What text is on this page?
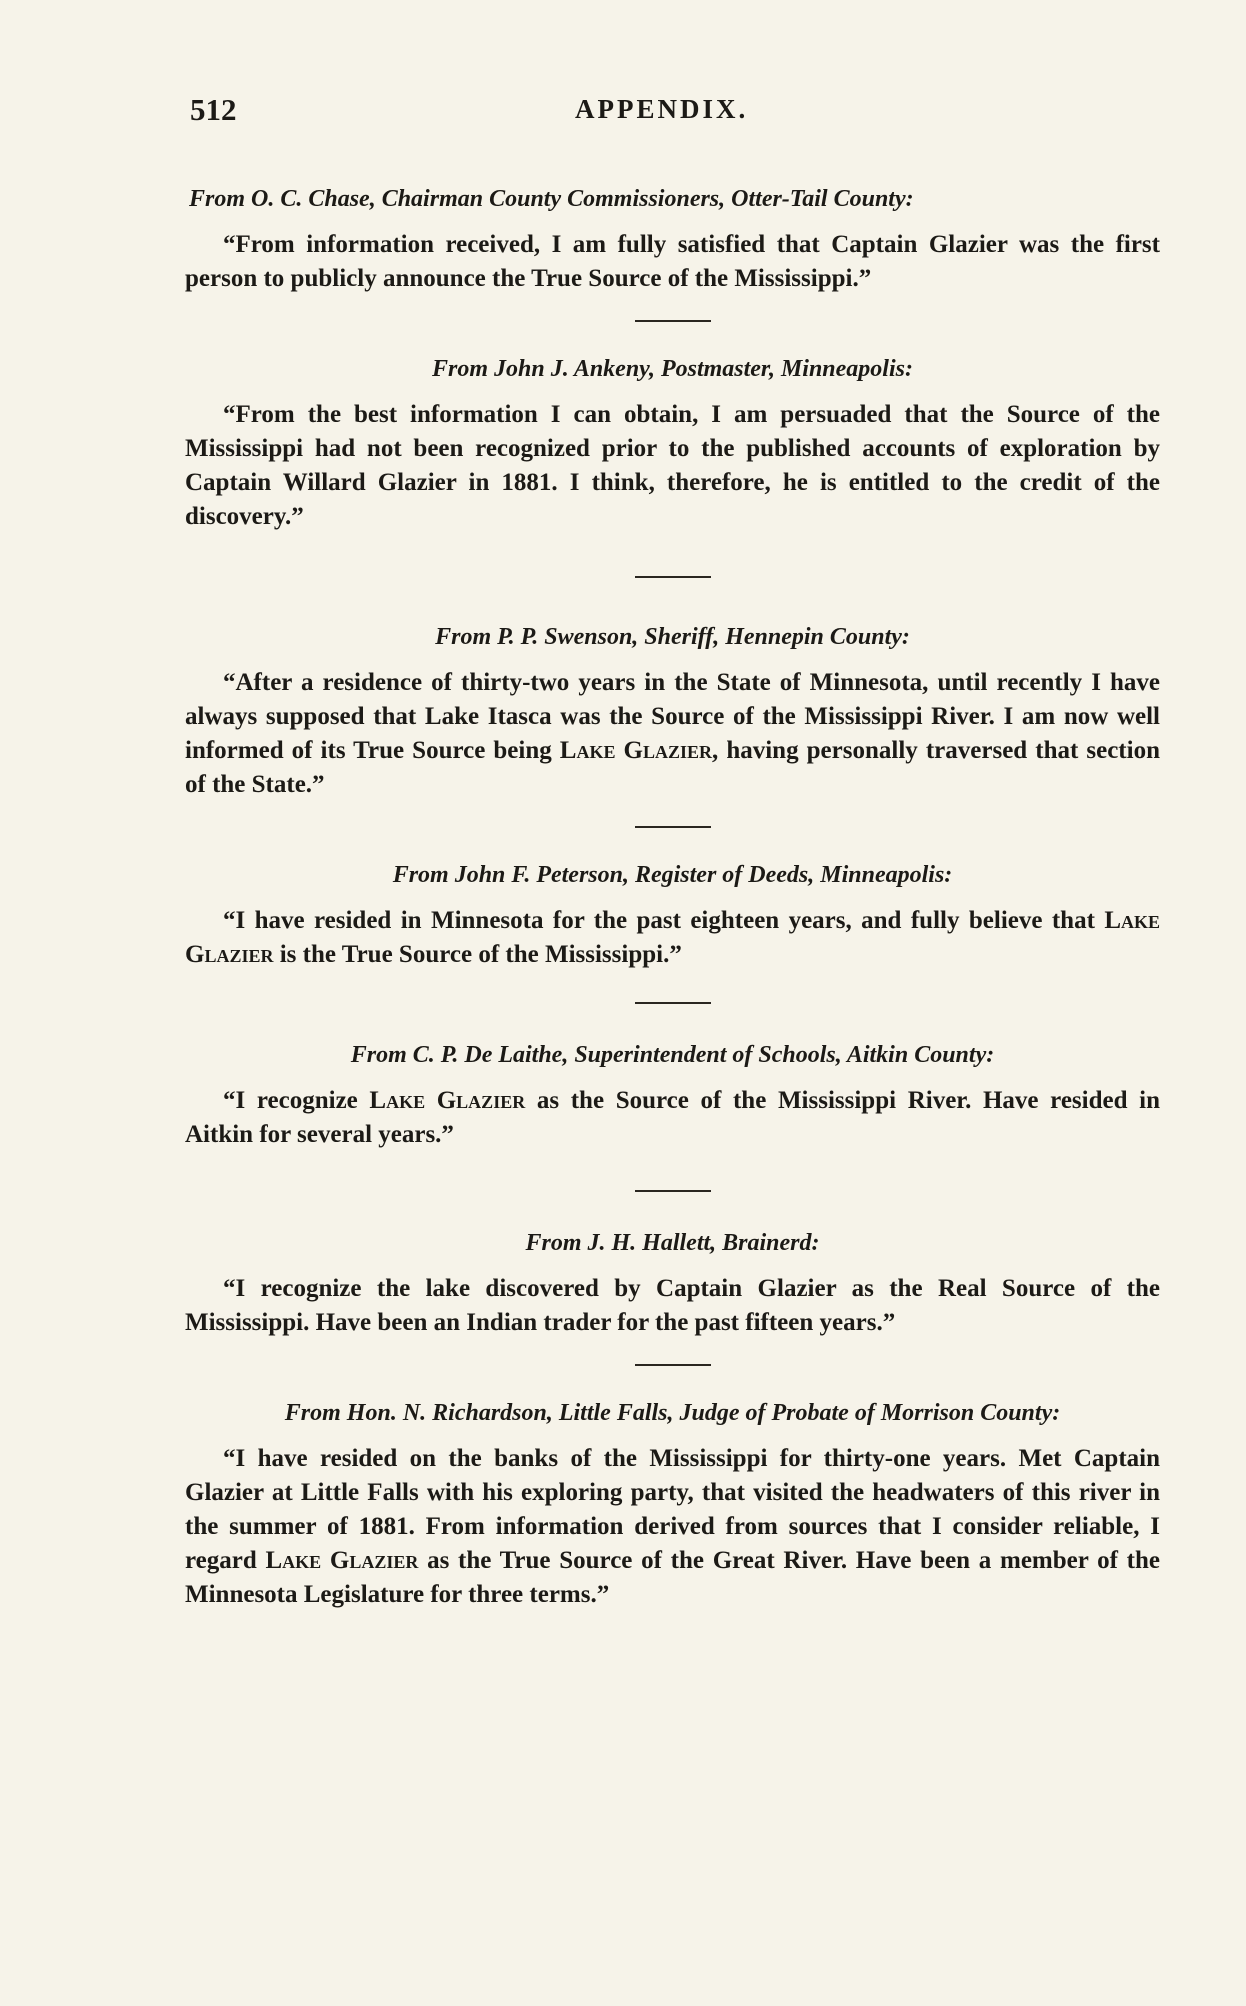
512	APPENDIX.

From O. C. Chase, Chairman County Commissioners, Otter-Tail County:

“From information received, I am fully satisfied that Captain Glazier was the first person to publicly announce the True Source of the Mississippi.”

From John J. Ankeny, Postmaster, Minneapolis:

“From the best information I can obtain, I am persuaded that the Source of the Mississippi had not been recognized prior to the published accounts of exploration by Captain Willard Glazier in 1881. I think, therefore, he is entitled to the credit of the discovery.”

From P. P. Swenson, Sheriff, Hennepin County:

“After a residence of thirty-two years in the State of Minnesota, until recently I have always supposed that Lake Itasca was the Source of the Mississippi River. I am now well informed of its True Source being Lake Glazier, having personally traversed that section of the State.”

From John F. Peterson, Register of Deeds, Minneapolis:

“I have resided in Minnesota for the past eighteen years, and fully believe that Lake Glazier is the True Source of the Mississippi.”

From C. P. De Laithe, Superintendent of Schools, Aitkin County:

“I recognize Lake Glazier as the Source of the Mississippi River. Have resided in Aitkin for several years.”

From J. H. Hallett, Brainerd:

“I recognize the lake discovered by Captain Glazier as the Real Source of the Mississippi. Have been an Indian trader for the past fifteen years.”

From Hon. N. Richardson, Little Falls, Judge of Probate of Morrison County:

“I have resided on the banks of the Mississippi for thirty-one years. Met Captain Glazier at Little Falls with his exploring party, that visited the headwaters of this river in the summer of 1881. From information derived from sources that I consider reliable, I regard Lake Glazier as the True Source of the Great River. Have been a member of the Minnesota Legislature for three terms.”
